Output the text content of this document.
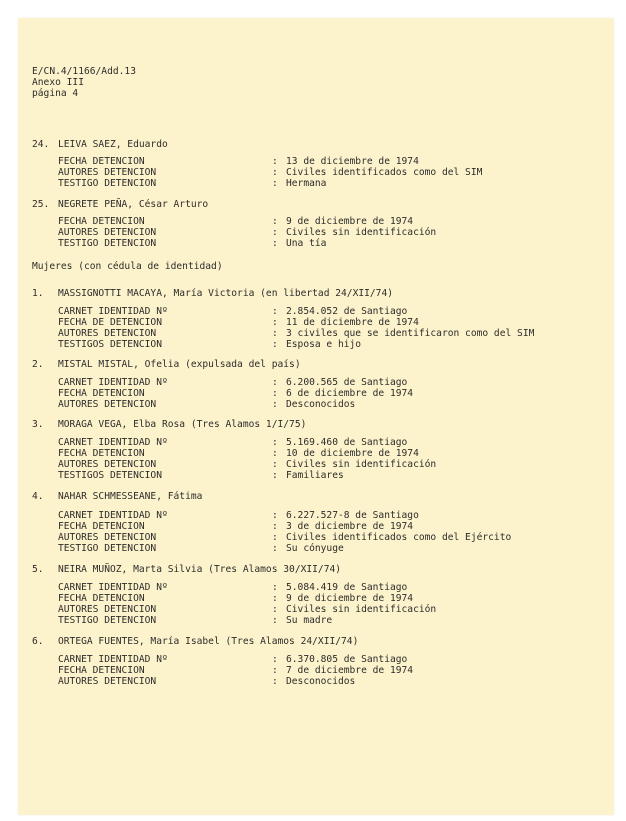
E/CN.4/1166/Add.13
Anexo III
página 4
24. LEIVA SAEZ, Eduardo
FECHA DETENCION	: 13 de diciembre de 1974
AUTORES DETENCION	: Civiles identificados como del SIM
TESTIGO DETENCION	: Hermana
25. NEGRETE PEÑA, César Arturo
FECHA DETENCION	: 9 de diciembre de 1974
AUTORES DETENCION	: Civiles sin identificación
TESTIGO DETENCION	: Una tía
Mujeres (con cédula de identidad)
1. MASSIGNOTTI MACAYA, María Victoria (en libertad 24/XII/74)
CARNET IDENTIDAD Nº	: 2.854.052 de Santiago
FECHA DE DETENCION	: 11 de diciembre de 1974
AUTORES DETENCION	: 3 civiles que se identificaron como del SIM
TESTIGOS DETENCION	: Esposa e hijo
2. MISTAL MISTAL, Ofelia (expulsada del país)
CARNET IDENTIDAD Nº	: 6.200.565 de Santiago
FECHA DETENCION	: 6 de diciembre de 1974
AUTORES DETENCION	: Desconocidos
3. MORAGA VEGA, Elba Rosa (Tres Alamos 1/I/75)
CARNET IDENTIDAD Nº	: 5.169.460 de Santiago
FECHA DETENCION	: 10 de diciembre de 1974
AUTORES DETENCION	: Civiles sin identificación
TESTIGOS DETENCION	: Familiares
4. NAHAR SCHMESSEANE, Fátima
CARNET IDENTIDAD Nº	: 6.227.527-8 de Santiago
FECHA DETENCION	: 3 de diciembre de 1974
AUTORES DETENCION	: Civiles identificados como del Ejército
TESTIGO DETENCION	: Su cónyuge
5. NEIRA MUÑOZ, Marta Silvia (Tres Alamos 30/XII/74)
CARNET IDENTIDAD Nº	: 5.084.419 de Santiago
FECHA DETENCION	: 9 de diciembre de 1974
AUTORES DETENCION	: Civiles sin identificación
TESTIGO DETENCION	: Su madre
6. ORTEGA FUENTES, María Isabel (Tres Alamos 24/XII/74)
CARNET IDENTIDAD Nº	: 6.370.805 de Santiago
FECHA DETENCION	: 7 de diciembre de 1974
AUTORES DETENCION	: Desconocidos
